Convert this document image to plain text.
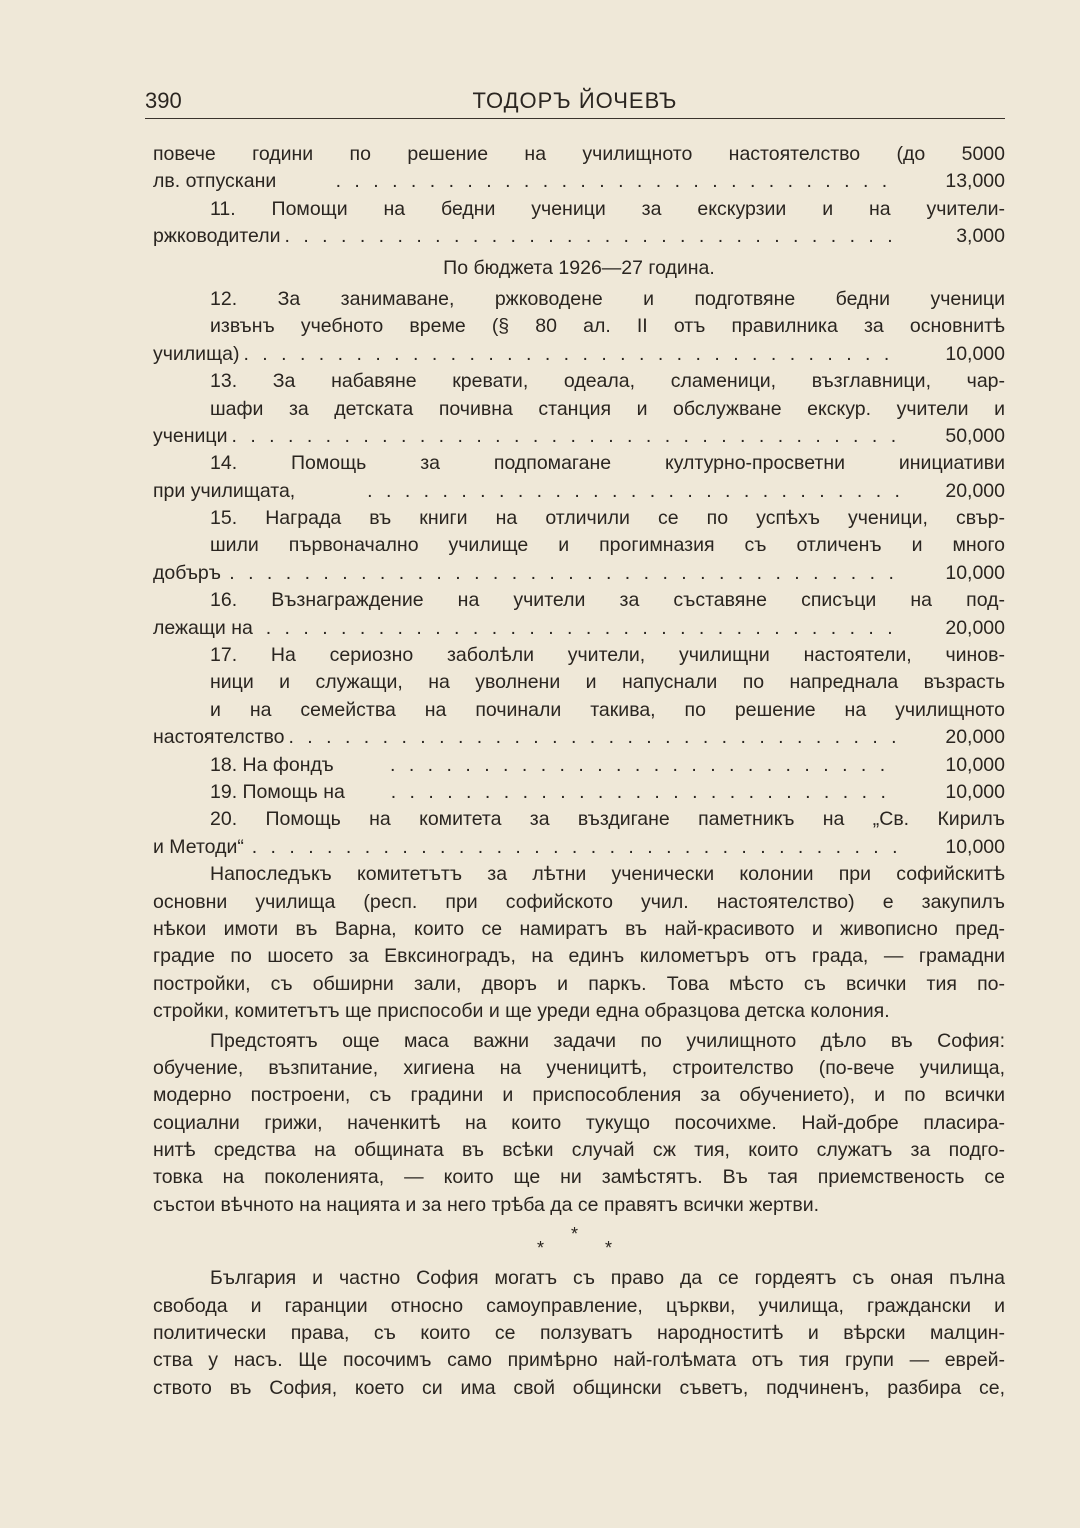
390	ТОДОРЪ ЙОЧЕВЪ
повече години по решение на училищното настоятелство (до 5000
лв. отпускани . . .	13,000
11. Помощи на бедни ученици за екскурзии и на учители-
ржководители . . .	3,000
По бюджета 1926—27 година.
12. За занимаване, ржководене и подготвяне бедни ученици
извънъ учебното време (§ 80 ал. II отъ правилника за основнитѣ
училища) . . .	10,000
13. За набавяне кревати, одеала, сламеници, възглавници, чар-
шафи за детската почивна станция и обслужване екскур. учители и
ученици . . .	50,000
14. Помощь за подпомагане културно-просветни инициативи
при училищата, . . .	20,000
15. Награда въ книги на отличили се по успѣхъ ученици, свър-
шили първоначално училище и прогимназия съ отличенъ и много
добъръ . . .	10,000
16. Възнаграждение на учители за съставяне списъци на под-
лежащи на . . .	20,000
17. На сериозно заболѣли учители, училищни настоятели, чинов-
ници и служащи, на уволнени и напуснали по напреднала възрасть
и на семейства на починали такива, по решение на училищното
настоятелство . . .	20,000
18. На фондъ . . .	10,000
19. Помощь на . . .	10,000
20. Помощь на комитета за въздигане паметникъ на „Св. Кирилъ
и Методи“ . . .	10,000
Напоследъкъ комитетътъ за лѣтни ученически колонии при софийскитѣ
основни училища (респ. при софийското учил. настоятелство) е закупилъ
нѣкои имоти въ Варна, които се намиратъ въ най-красивото и живописно пред-
градие по шосето за Евксиноградъ, на единъ километъръ отъ града, — грамадни
постройки, съ обширни зали, дворъ и паркъ. Това мѣсто съ всички тия по-
стройки, комитетътъ ще приспособи и ще уреди една образцова детска колония.
Предстоятъ още маса важни задачи по училищното дѣло въ София:
обучение, възпитание, хигиена на ученицитѣ, строителство (по-вече училища,
модерно построени, съ градини и приспособления за обучението), и по всички
социални грижи, наченкитѣ на които тукущо посочихме. Най-добре пласира-
нитѣ средства на общината въ всѣки случай сж тия, които служатъ за подго-
товка на поколенията, — които ще ни замѣстятъ. Въ тая приемственость се
състои вѣчното на нацията и за него трѣба да се правятъ всички жертви.
*
*
*
България и частно София могатъ съ право да се гордеятъ съ оная пълна
свобода и гаранции относно самоуправление, църкви, училища, граждански и
политически права, съ които се ползуватъ народноститѣ и вѣрски малцин-
ства у насъ. Ще посочимъ само примѣрно най-голѣмата отъ тия групи — еврей-
ството въ София, което си има свой общински съветъ, подчиненъ, разбира се,
